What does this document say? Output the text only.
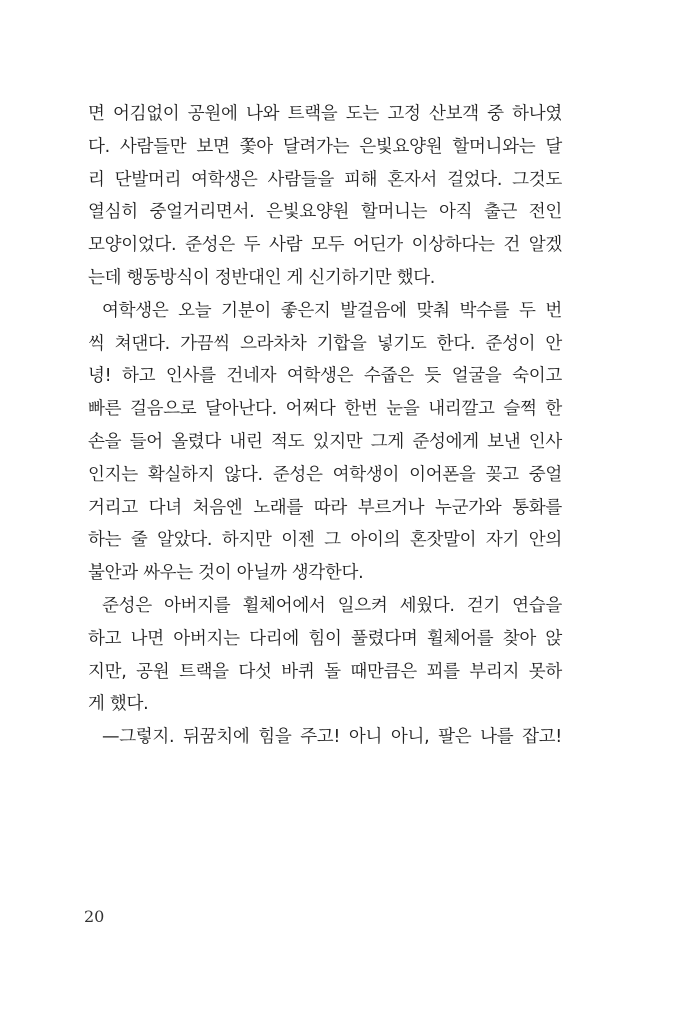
면 어김없이 공원에 나와 트랙을 도는 고정 산보객 중 하나였
다. 사람들만 보면 쫓아 달려가는 은빛요양원 할머니와는 달
리 단발머리 여학생은 사람들을 피해 혼자서 걸었다. 그것도
열심히 중얼거리면서. 은빛요양원 할머니는 아직 출근 전인
모양이었다. 준성은 두 사람 모두 어딘가 이상하다는 건 알겠
는데 행동방식이 정반대인 게 신기하기만 했다.
여학생은 오늘 기분이 좋은지 발걸음에 맞춰 박수를 두 번
씩 쳐댄다. 가끔씩 으라차차 기합을 넣기도 한다. 준성이 안
녕! 하고 인사를 건네자 여학생은 수줍은 듯 얼굴을 숙이고
빠른 걸음으로 달아난다. 어쩌다 한번 눈을 내리깔고 슬쩍 한
손을 들어 올렸다 내린 적도 있지만 그게 준성에게 보낸 인사
인지는 확실하지 않다. 준성은 여학생이 이어폰을 꽂고 중얼
거리고 다녀 처음엔 노래를 따라 부르거나 누군가와 통화를
하는 줄 알았다. 하지만 이젠 그 아이의 혼잣말이 자기 안의
불안과 싸우는 것이 아닐까 생각한다.
준성은 아버지를 휠체어에서 일으켜 세웠다. 걷기 연습을
하고 나면 아버지는 다리에 힘이 풀렸다며 휠체어를 찾아 앉
지만, 공원 트랙을 다섯 바퀴 돌 때만큼은 꾀를 부리지 못하
게 했다.
—그렇지. 뒤꿈치에 힘을 주고! 아니 아니, 팔은 나를 잡고!
20
